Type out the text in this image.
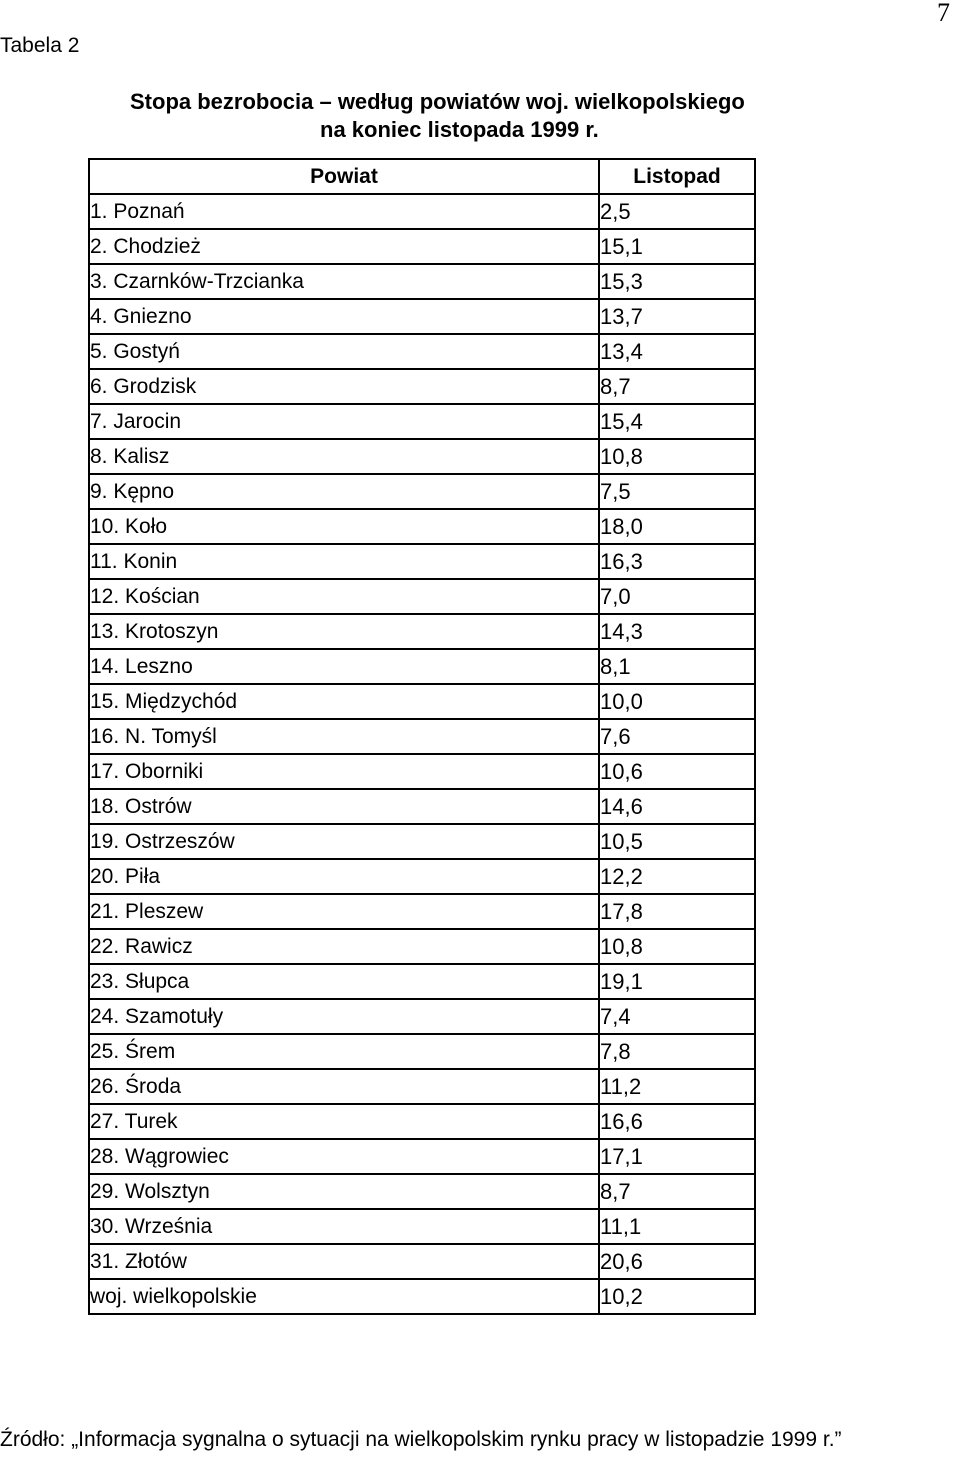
7
Tabela 2
Stopa bezrobocia – według powiatów woj. wielkopolskiego
na koniec listopada 1999 r.
Powiat	Listopad
1. Poznań	2,5
2. Chodzież	15,1
3. Czarnków-Trzcianka	15,3
4. Gniezno	13,7
5. Gostyń	13,4
6. Grodzisk	8,7
7. Jarocin	15,4
8. Kalisz	10,8
9. Kępno	7,5
10. Koło	18,0
11. Konin	16,3
12. Kościan	7,0
13. Krotoszyn	14,3
14. Leszno	8,1
15. Międzychód	10,0
16. N. Tomyśl	7,6
17. Oborniki	10,6
18. Ostrów	14,6
19. Ostrzeszów	10,5
20. Piła	12,2
21. Pleszew	17,8
22. Rawicz	10,8
23. Słupca	19,1
24. Szamotuły	7,4
25. Śrem	7,8
26. Środa	11,2
27. Turek	16,6
28. Wągrowiec	17,1
29. Wolsztyn	8,7
30. Września	11,1
31. Złotów	20,6
woj. wielkopolskie	10,2
Źródło: „Informacja sygnalna o sytuacji na wielkopolskim rynku pracy w listopadzie 1999 r.”
